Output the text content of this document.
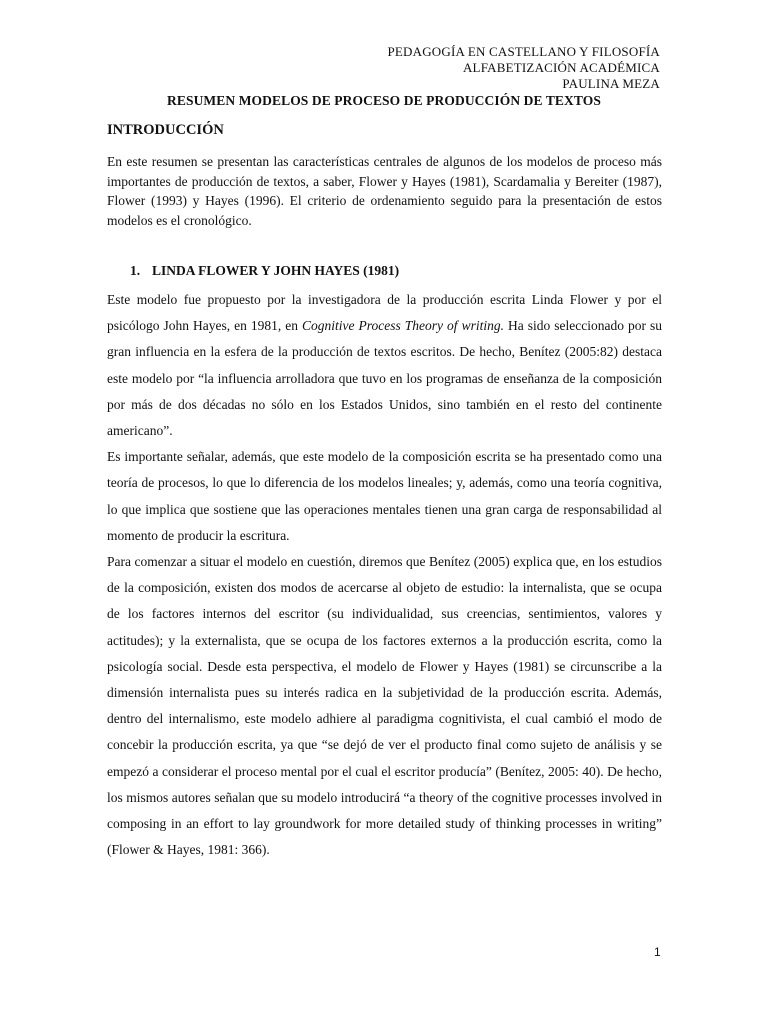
PEDAGOGÍA EN CASTELLANO Y FILOSOFÍA
ALFABETIZACIÓN ACADÉMICA
PAULINA MEZA
RESUMEN MODELOS DE PROCESO DE PRODUCCIÓN DE TEXTOS
INTRODUCCIÓN
En este resumen se presentan las características centrales de algunos de los modelos de proceso más importantes de producción de textos, a saber, Flower y Hayes (1981), Scardamalia y Bereiter (1987), Flower (1993) y Hayes (1996). El criterio de ordenamiento seguido para la presentación de estos modelos es el cronológico.
1. LINDA FLOWER Y JOHN HAYES (1981)

Este modelo fue propuesto por la investigadora de la producción escrita Linda Flower y por el psicólogo John Hayes, en 1981, en Cognitive Process Theory of writing. Ha sido seleccionado por su gran influencia en la esfera de la producción de textos escritos. De hecho, Benítez (2005:82) destaca este modelo por “la influencia arrolladora que tuvo en los programas de enseñanza de la composición por más de dos décadas no sólo en los Estados Unidos, sino también en el resto del continente americano”.

Es importante señalar, además, que este modelo de la composición escrita se ha presentado como una teoría de procesos, lo que lo diferencia de los modelos lineales; y, además, como una teoría cognitiva, lo que implica que sostiene que las operaciones mentales tienen una gran carga de responsabilidad al momento de producir la escritura.

Para comenzar a situar el modelo en cuestión, diremos que Benítez (2005) explica que, en los estudios de la composición, existen dos modos de acercarse al objeto de estudio: la internalista, que se ocupa de los factores internos del escritor (su individualidad, sus creencias, sentimientos, valores y actitudes); y la externalista, que se ocupa de los factores externos a la producción escrita, como la psicología social. Desde esta perspectiva, el modelo de Flower y Hayes (1981) se circunscribe a la dimensión internalista pues su interés radica en la subjetividad de la producción escrita. Además, dentro del internalismo, este modelo adhiere al paradigma cognitivista, el cual cambió el modo de concebir la producción escrita, ya que “se dejó de ver el producto final como sujeto de análisis y se empezó a considerar el proceso mental por el cual el escritor producía” (Benítez, 2005: 40). De hecho, los mismos autores señalan que su modelo introducirá “a theory of the cognitive processes involved in composing in an effort to lay groundwork for more detailed study of thinking processes in writing” (Flower & Hayes, 1981: 366).

1
